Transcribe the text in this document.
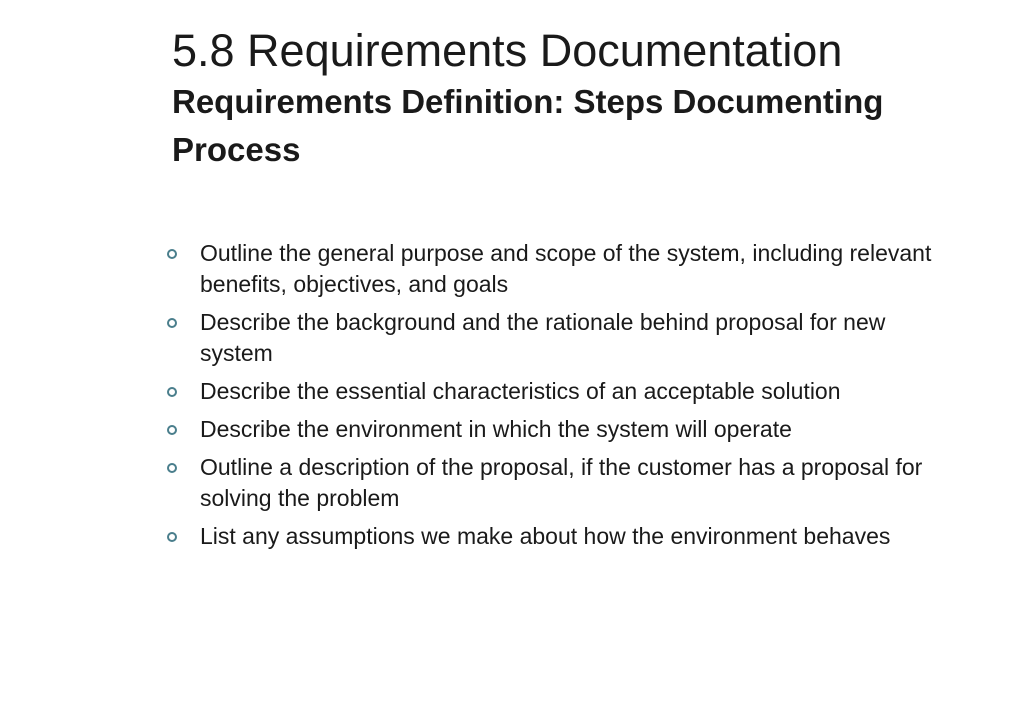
5.8 Requirements Documentation
Requirements Definition: Steps Documenting Process
Outline the general purpose and scope of the system, including relevant benefits, objectives, and goals
Describe the background and the rationale behind proposal for new system
Describe the essential characteristics of an acceptable solution
Describe the environment in which the system will operate
Outline a description of the proposal, if the customer has a proposal for solving the problem
List any assumptions we make about how the environment behaves
